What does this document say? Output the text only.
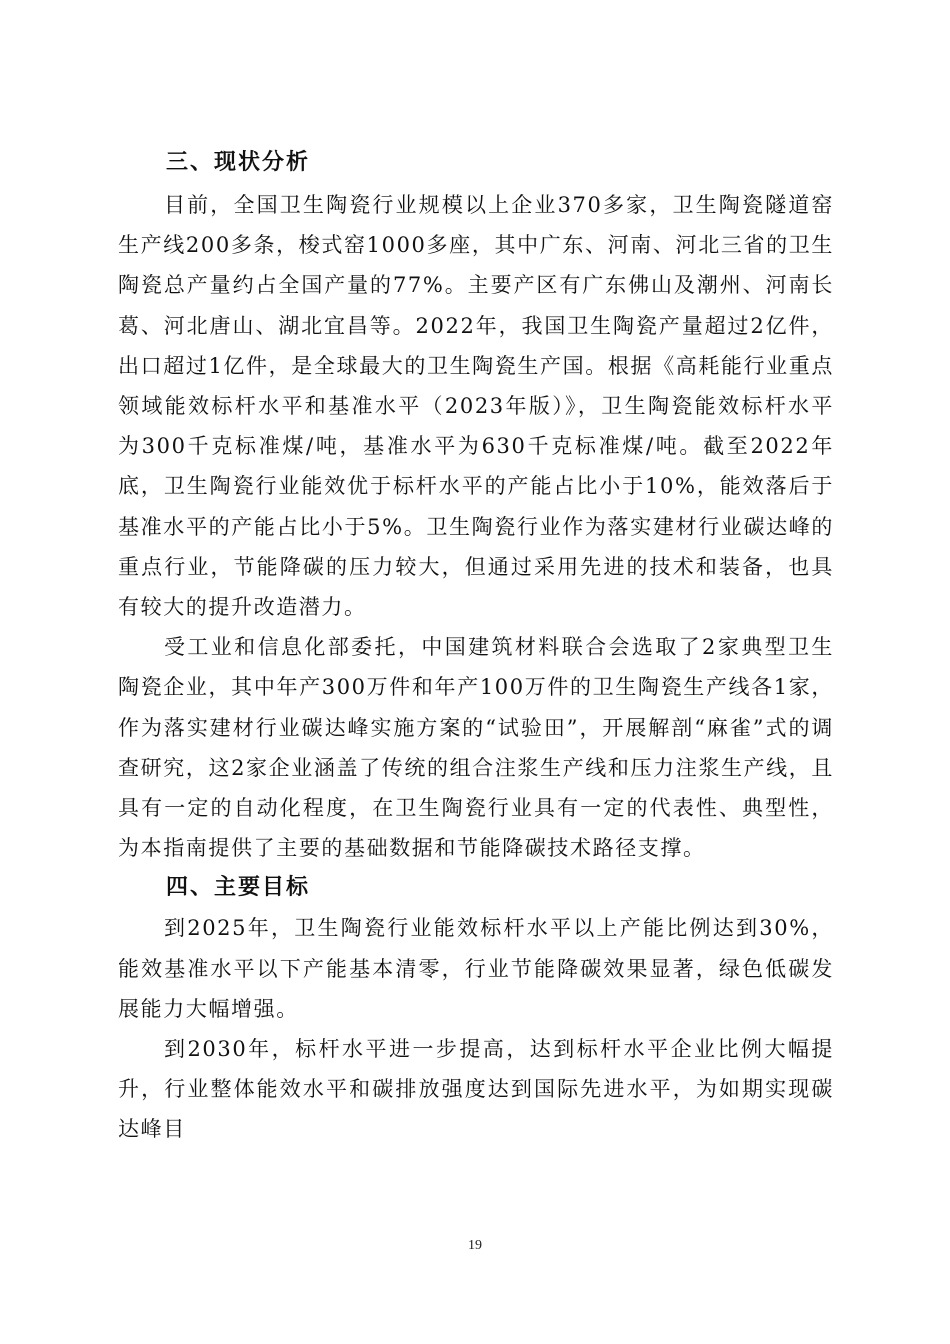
三、现状分析

目前，全国卫生陶瓷行业规模以上企业370多家，卫生陶瓷隧道窑生产线200多条，梭式窑1000多座，其中广东、河南、河北三省的卫生陶瓷总产量约占全国产量的77%。主要产区有广东佛山及潮州、河南长葛、河北唐山、湖北宜昌等。2022年，我国卫生陶瓷产量超过2亿件，出口超过1亿件，是全球最大的卫生陶瓷生产国。根据《高耗能行业重点领域能效标杆水平和基准水平（2023年版）》，卫生陶瓷能效标杆水平为300千克标准煤/吨，基准水平为630千克标准煤/吨。截至2022年底，卫生陶瓷行业能效优于标杆水平的产能占比小于10%，能效落后于基准水平的产能占比小于5%。卫生陶瓷行业作为落实建材行业碳达峰的重点行业，节能降碳的压力较大，但通过采用先进的技术和装备，也具有较大的提升改造潜力。

受工业和信息化部委托，中国建筑材料联合会选取了2家典型卫生陶瓷企业，其中年产300万件和年产100万件的卫生陶瓷生产线各1家，作为落实建材行业碳达峰实施方案的“试验田”，开展解剖“麻雀”式的调查研究，这2家企业涵盖了传统的组合注浆生产线和压力注浆生产线，且具有一定的自动化程度，在卫生陶瓷行业具有一定的代表性、典型性，为本指南提供了主要的基础数据和节能降碳技术路径支撑。

四、主要目标

到2025年，卫生陶瓷行业能效标杆水平以上产能比例达到30%，能效基准水平以下产能基本清零，行业节能降碳效果显著，绿色低碳发展能力大幅增强。

到2030年，标杆水平进一步提高，达到标杆水平企业比例大幅提升，行业整体能效水平和碳排放强度达到国际先进水平，为如期实现碳达峰目

19
